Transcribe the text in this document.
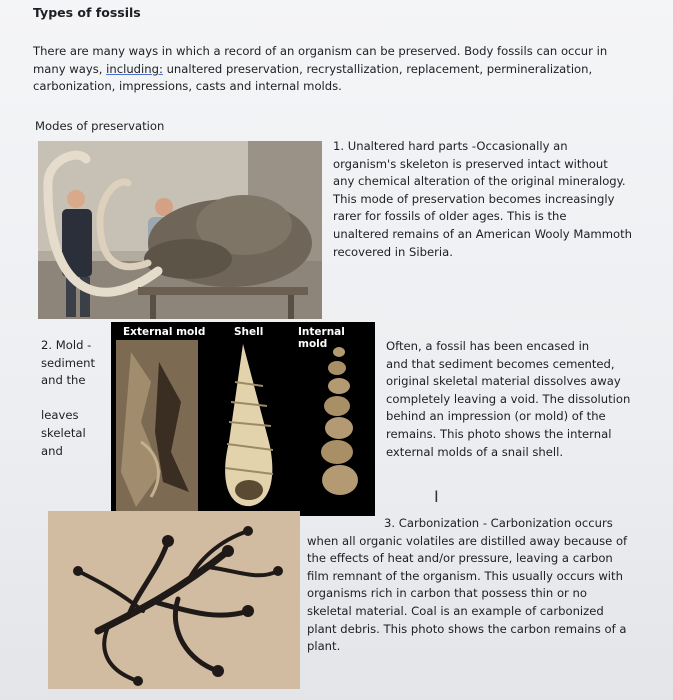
Types of fossils
There are many ways in which a record of an organism can be preserved. Body fossils can occur in
many ways, including: unaltered preservation, recrystallization, replacement, permineralization,
carbonization, impressions, casts and internal molds.
Modes of preservation
1. Unaltered hard parts -Occasionally an
organism's skeleton is preserved intact without
any chemical alteration of the original mineralogy.
This mode of preservation becomes increasingly
rarer for fossils of older ages. This is the
unaltered remains of an American Wooly Mammoth
recovered in Siberia.
2. Mold -
sediment
and the

leaves
skeletal
and
External mold	Shell	Internal mold	Often, a fossil has been encased in
and that sediment becomes cemented,
original skeletal material dissolves away
completely leaving a void. The dissolution
behind an impression (or mold) of the
remains. This photo shows the internal
external molds of a snail shell.
I
3. Carbonization - Carbonization occurs
when all organic volatiles are distilled away because of
the effects of heat and/or pressure, leaving a carbon
film remnant of the organism. This usually occurs with
organisms rich in carbon that possess thin or no
skeletal material. Coal is an example of carbonized
plant debris. This photo shows the carbon remains of a
plant.
